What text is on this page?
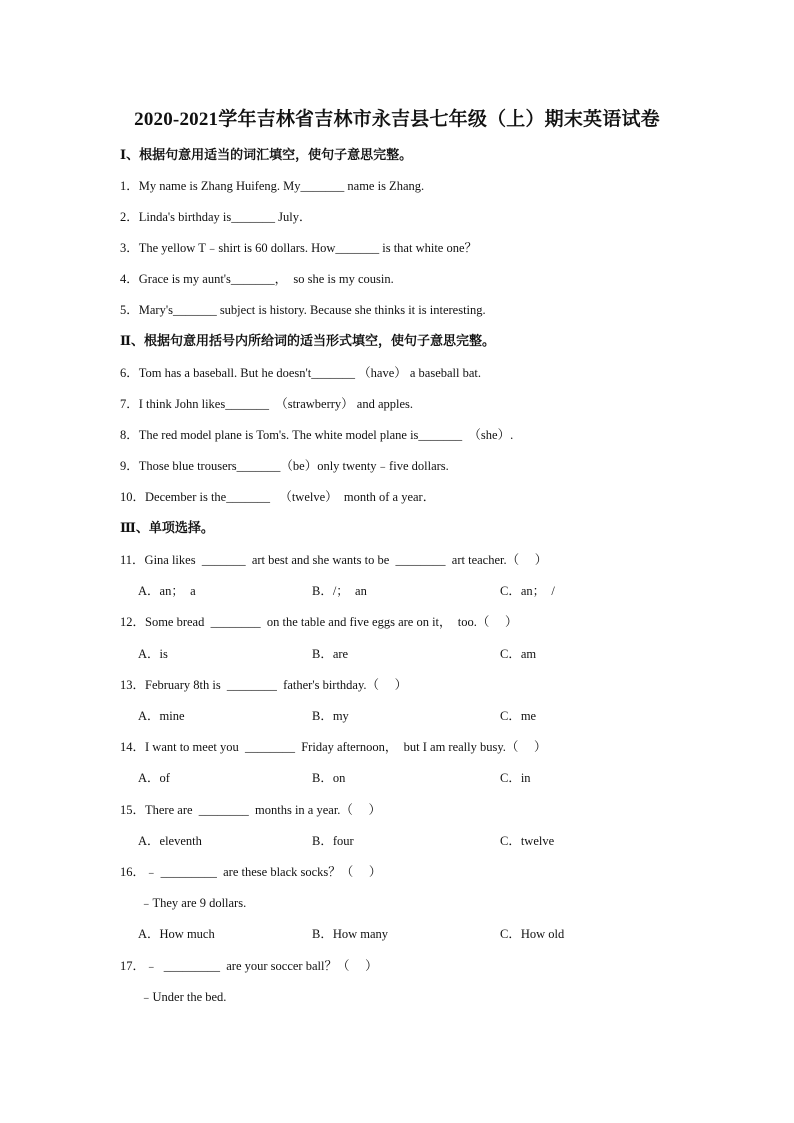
2020-2021学年吉林省吉林市永吉县七年级（上）期末英语试卷
Ⅰ、根据句意用适当的词汇填空，使句子意思完整。
1．My name is Zhang Huifeng. My_______ name is Zhang.
2．Linda's birthday is_______ July．
3．The yellow T﹣shirt is 60 dollars. How_______ is that white one？
4．Grace is my aunt's_______，  so she is my cousin.
5．Mary's_______ subject is history. Because she thinks it is interesting.
Ⅱ、根据句意用括号内所给词的适当形式填空，使句子意思完整。
6．Tom has a baseball. But he doesn't_______ （have） a baseball bat.
7．I think John likes_______  （strawberry） and apples.
8．The red model plane is Tom's. The white model plane is_______  （she）.
9．Those blue trousers_______（be）only twenty﹣five dollars.
10．December is the_______   （twelve）  month of a year．
Ⅲ、单项选择。
11．Gina likes  _______  art best and she wants to be  ________  art teacher.（     ）
A．an；  a	B．/；  an	C．an；  /
12．Some bread  ________  on the table and five eggs are on it，  too.（     ）
A．is	B．are	C．am
13．February 8th is  ________  father's birthday.（     ）
A．mine	B．my	C．me
14．I want to meet you  ________  Friday afternoon，  but I am really busy.（     ）
A．of	B．on	C．in
15．There are  ________  months in a year.（     ）
A．eleventh	B．four	C．twelve
16．﹣ _________  are these black socks？（     ）
﹣They are 9 dollars.
A．How much	B．How many	C．How old
17．﹣  _________  are your soccer ball？（     ）
﹣Under the bed.
